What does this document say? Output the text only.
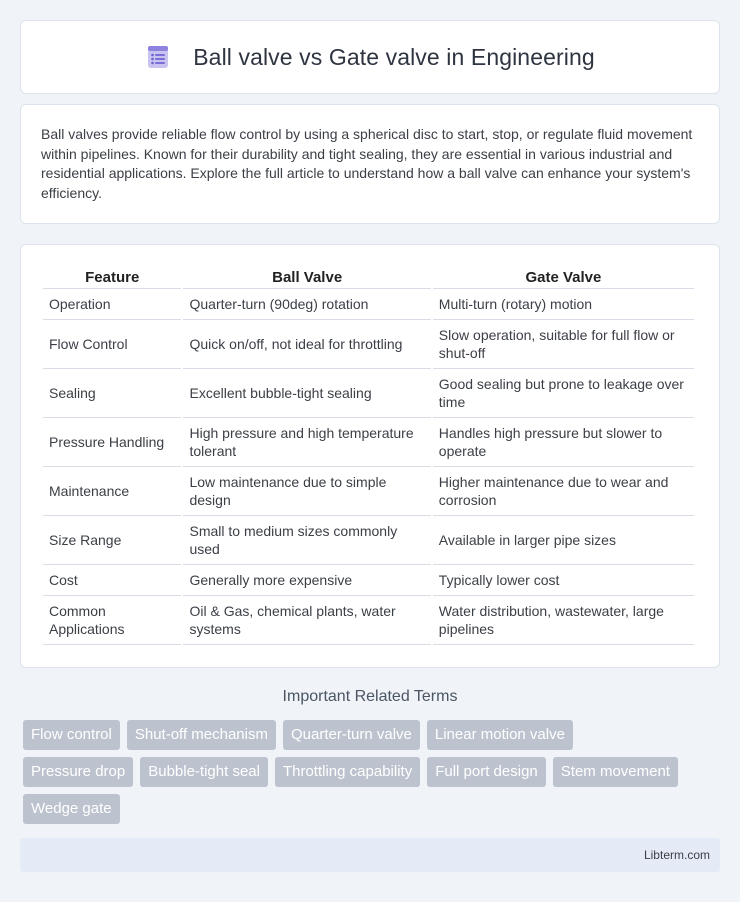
Ball valve vs Gate valve in Engineering

Ball valves provide reliable flow control by using a spherical disc to start, stop, or regulate fluid movement within pipelines. Known for their durability and tight sealing, they are essential in various industrial and residential applications. Explore the full article to understand how a ball valve can enhance your system's efficiency.

Feature	Ball Valve	Gate Valve
Operation	Quarter-turn (90deg) rotation	Multi-turn (rotary) motion
Flow Control	Quick on/off, not ideal for throttling	Slow operation, suitable for full flow or shut-off
Sealing	Excellent bubble-tight sealing	Good sealing but prone to leakage over time
Pressure Handling	High pressure and high temperature tolerant	Handles high pressure but slower to operate
Maintenance	Low maintenance due to simple design	Higher maintenance due to wear and corrosion
Size Range	Small to medium sizes commonly used	Available in larger pipe sizes
Cost	Generally more expensive	Typically lower cost
Common Applications	Oil & Gas, chemical plants, water systems	Water distribution, wastewater, large pipelines
Important Related Terms
Flow control	Shut-off mechanism	Quarter-turn valve	Linear motion valve
Pressure drop	Bubble-tight seal	Throttling capability	Full port design	Stem movement
Wedge gate
Libterm.com
